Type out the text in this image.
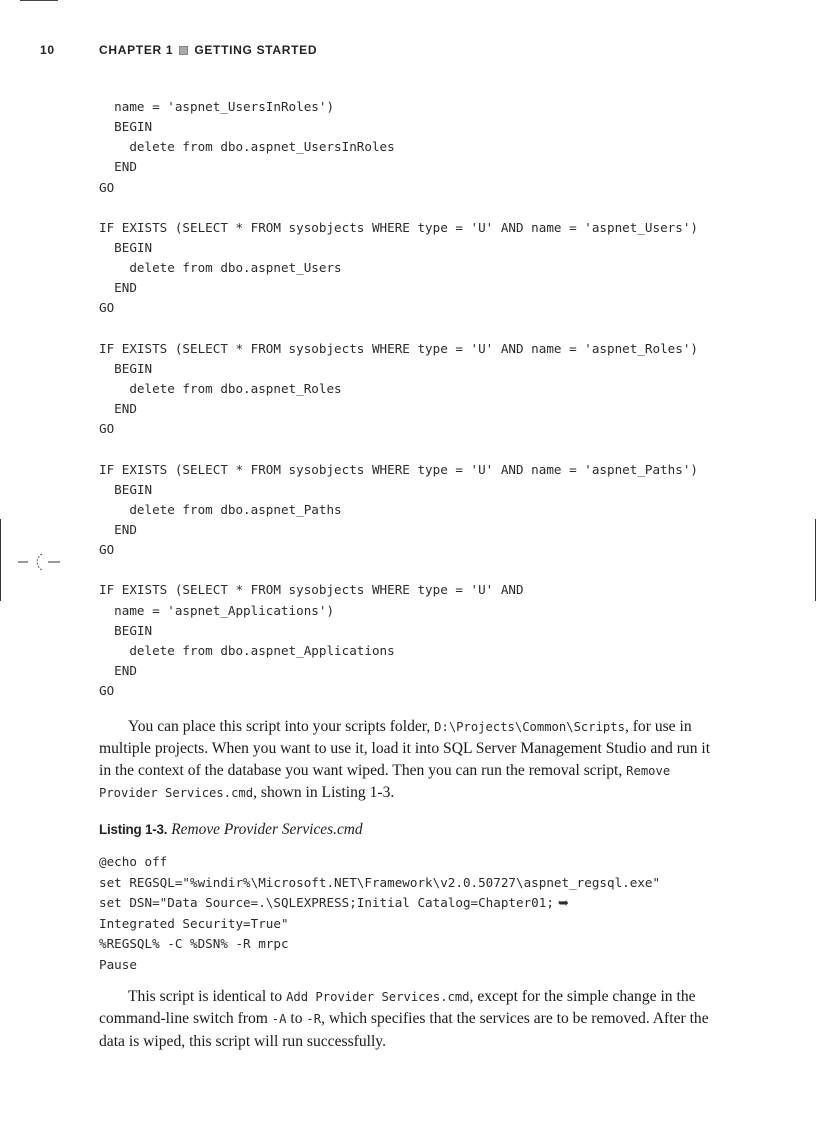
10	CHAPTER 1 GETTING STARTED
name = 'aspnet_UsersInRoles')
BEGIN
delete from dbo.aspnet_UsersInRoles
END
GO
IF EXISTS (SELECT * FROM sysobjects WHERE type = 'U' AND name = 'aspnet_Users')
BEGIN
delete from dbo.aspnet_Users
END
GO
IF EXISTS (SELECT * FROM sysobjects WHERE type = 'U' AND name = 'aspnet_Roles')
BEGIN
delete from dbo.aspnet_Roles
END
GO
IF EXISTS (SELECT * FROM sysobjects WHERE type = 'U' AND name = 'aspnet_Paths')
BEGIN
delete from dbo.aspnet_Paths
END
GO
IF EXISTS (SELECT * FROM sysobjects WHERE type = 'U' AND
name = 'aspnet_Applications')
BEGIN
delete from dbo.aspnet_Applications
END
GO

You can place this script into your scripts folder, D:\Projects\Common\Scripts, for use in multiple projects. When you want to use it, load it into SQL Server Management Studio and run it in the context of the database you want wiped. Then you can run the removal script, Remove Provider Services.cmd, shown in Listing 1-3.

Listing 1-3. Remove Provider Services.cmd
@echo off
set REGSQL="%windir%\Microsoft.NET\Framework\v2.0.50727\aspnet_regsql.exe"
set DSN="Data Source=.\SQLEXPRESS;Initial Catalog=Chapter01; ➥
Integrated Security=True"
%REGSQL% -C %DSN% -R mrpc
Pause

This script is identical to Add Provider Services.cmd, except for the simple change in the command-line switch from -A to -R, which specifies that the services are to be removed. After the data is wiped, this script will run successfully.
